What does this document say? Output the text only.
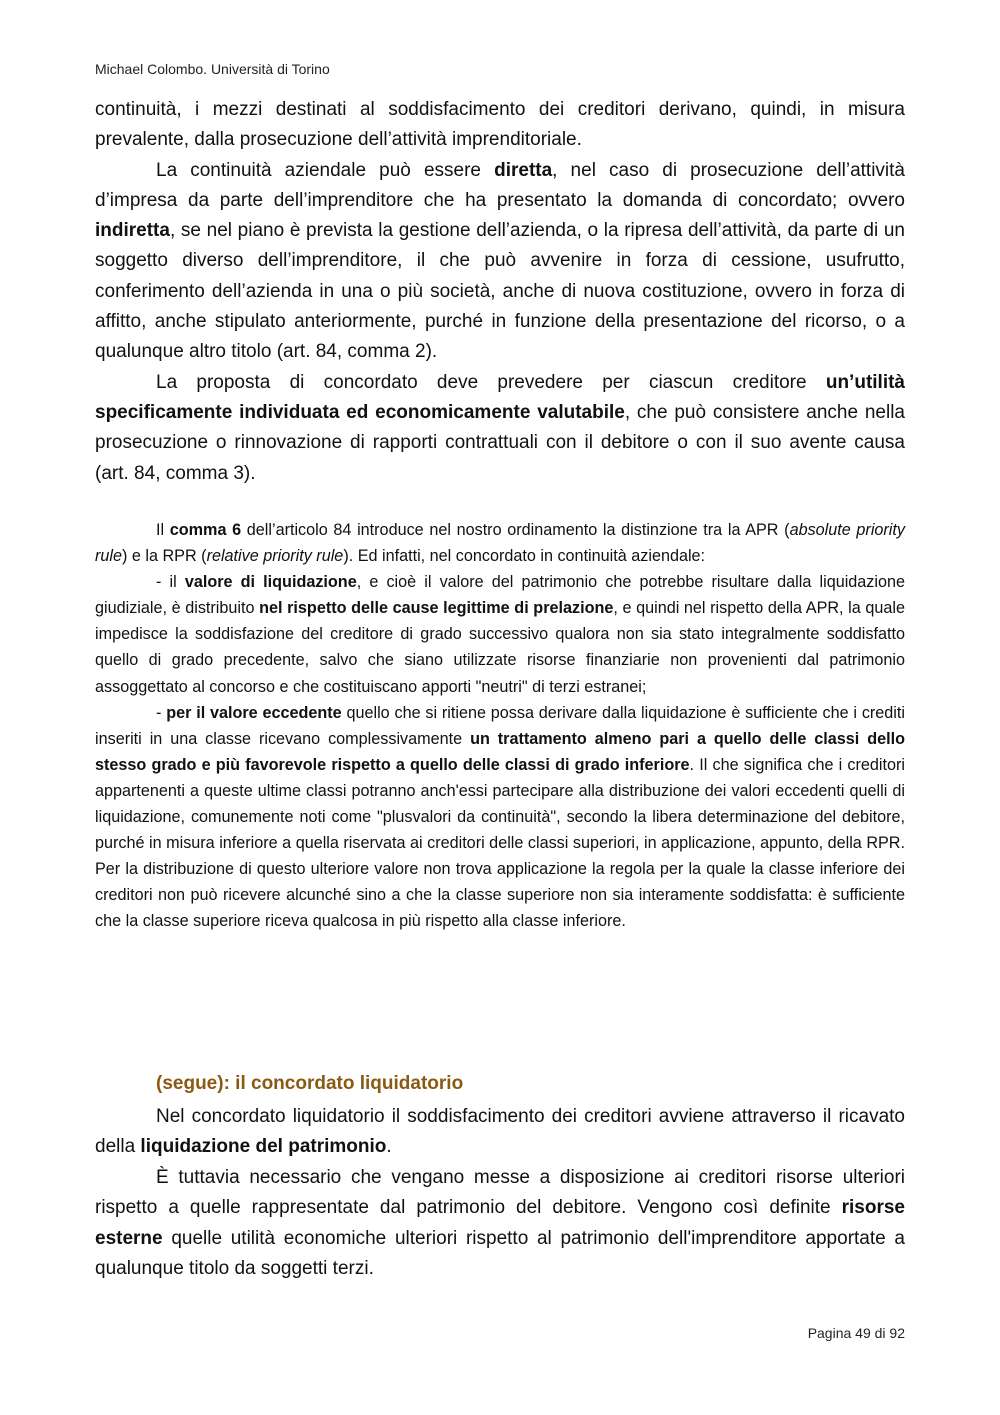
Michael Colombo. Università di Torino

continuità, i mezzi destinati al soddisfacimento dei creditori derivano, quindi, in misura prevalente, dalla prosecuzione dell’attività imprenditoriale.

La continuità aziendale può essere diretta, nel caso di prosecuzione dell’attività d’impresa da parte dell’imprenditore che ha presentato la domanda di concordato; ovvero indiretta, se nel piano è prevista la gestione dell’azienda, o la ripresa dell’attività, da parte di un soggetto diverso dell’imprenditore, il che può avvenire in forza di cessione, usufrutto, conferimento dell’azienda in una o più società, anche di nuova costituzione, ovvero in forza di affitto, anche stipulato anteriormente, purché in funzione della presentazione del ricorso, o a qualunque altro titolo (art. 84, comma 2).

La proposta di concordato deve prevedere per ciascun creditore un’utilità specificamente individuata ed economicamente valutabile, che può consistere anche nella prosecuzione o rinnovazione di rapporti contrattuali con il debitore o con il suo avente causa (art. 84, comma 3).

Il comma 6 dell’articolo 84 introduce nel nostro ordinamento la distinzione tra la APR (absolute priority rule) e la RPR (relative priority rule). Ed infatti, nel concordato in continuità aziendale:

- il valore di liquidazione, e cioè il valore del patrimonio che potrebbe risultare dalla liquidazione giudiziale, è distribuito nel rispetto delle cause legittime di prelazione, e quindi nel rispetto della APR, la quale impedisce la soddisfazione del creditore di grado successivo qualora non sia stato integralmente soddisfatto quello di grado precedente, salvo che siano utilizzate risorse finanziarie non provenienti dal patrimonio assoggettato al concorso e che costituiscano apporti "neutri" di terzi estranei;

- per il valore eccedente quello che si ritiene possa derivare dalla liquidazione è sufficiente che i crediti inseriti in una classe ricevano complessivamente un trattamento almeno pari a quello delle classi dello stesso grado e più favorevole rispetto a quello delle classi di grado inferiore. Il che significa che i creditori appartenenti a queste ultime classi potranno anch'essi partecipare alla distribuzione dei valori eccedenti quelli di liquidazione, comunemente noti come "plusvalori da continuità", secondo la libera determinazione del debitore, purché in misura inferiore a quella riservata ai creditori delle classi superiori, in applicazione, appunto, della RPR. Per la distribuzione di questo ulteriore valore non trova applicazione la regola per la quale la classe inferiore dei creditori non può ricevere alcunché sino a che la classe superiore non sia interamente soddisfatta: è sufficiente che la classe superiore riceva qualcosa in più rispetto alla classe inferiore.

(segue): il concordato liquidatorio

Nel concordato liquidatorio il soddisfacimento dei creditori avviene attraverso il ricavato della liquidazione del patrimonio.

È tuttavia necessario che vengano messe a disposizione ai creditori risorse ulteriori rispetto a quelle rappresentate dal patrimonio del debitore. Vengono così definite risorse esterne quelle utilità economiche ulteriori rispetto al patrimonio dell'imprenditore apportate a qualunque titolo da soggetti terzi.

Pagina 49 di 92
